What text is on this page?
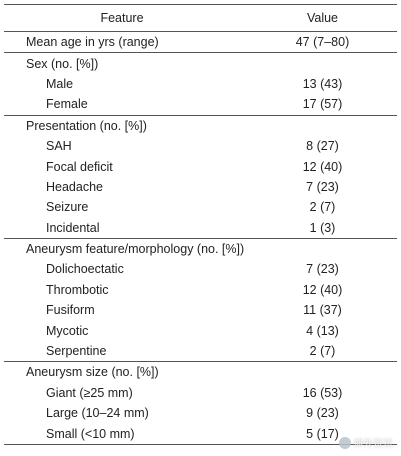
Feature	Value
Mean age in yrs (range)	47 (7–80)
Sex (no. [%])	
Male	13 (43)
Female	17 (57)
Presentation (no. [%])	
SAH	8 (27)
Focal deficit	12 (40)
Headache	7 (23)
Seizure	2 (7)
Incidental	1 (3)
Aneurysm feature/morphology (no. [%])	
Dolichoectatic	7 (23)
Thrombotic	12 (40)
Fusiform	11 (37)
Mycotic	4 (13)
Serpentine	2 (7)
Aneurysm size (no. [%])	
Giant (≥25 mm)	16 (53)
Large (10–24 mm)	9 (23)
Small (<10 mm)	5 (17)
神外资讯
